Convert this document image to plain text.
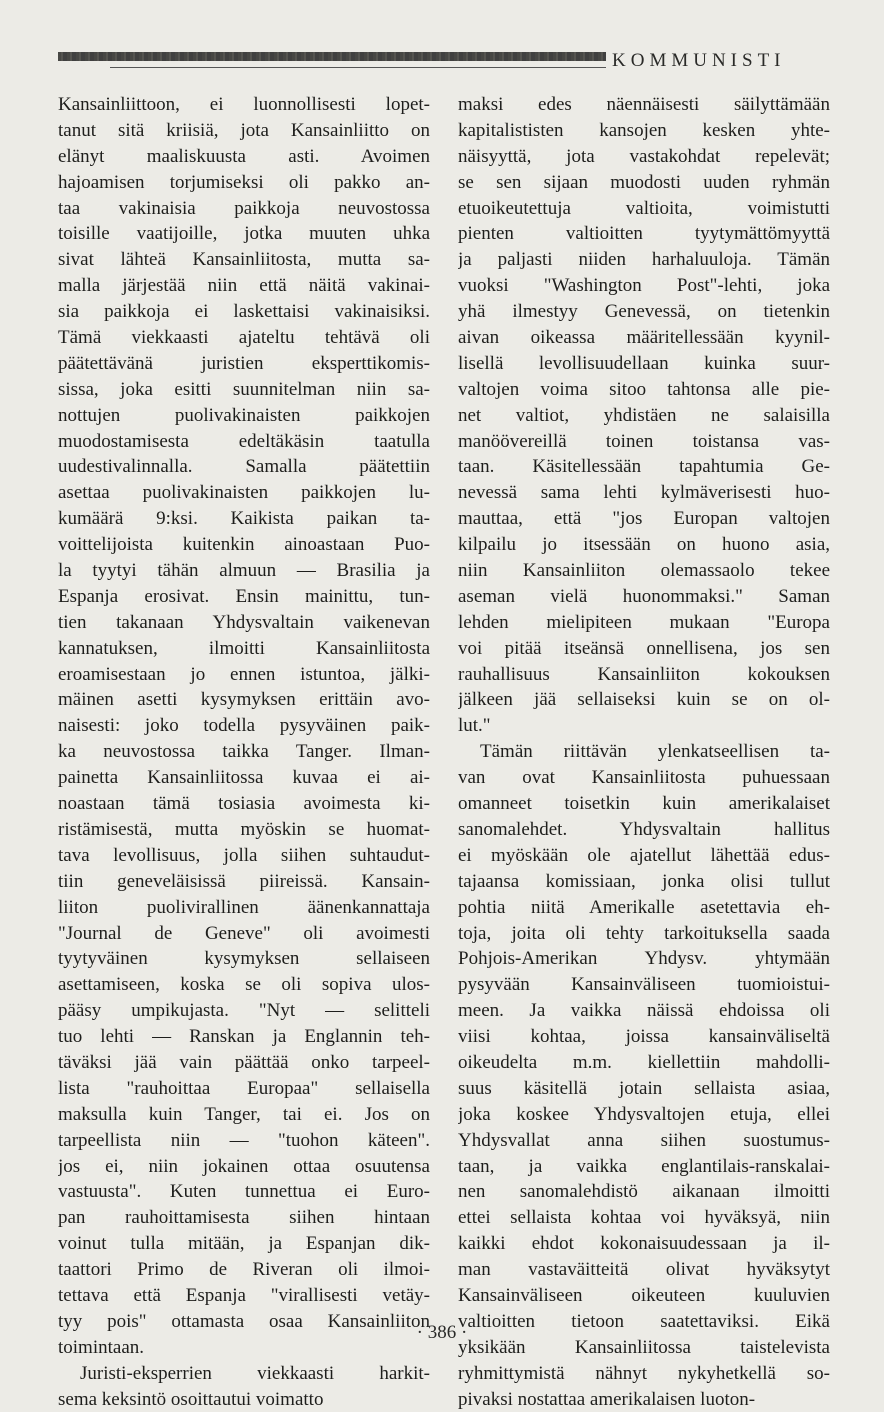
KOMMUNISTI
Kansainliittoon, ei luonnollisesti lopet-
tanut sitä kriisiä, jota Kansainliitto on
elänyt maaliskuusta asti. Avoimen
hajoamisen torjumiseksi oli pakko an-
taa vakinaisia paikkoja neuvostossa
toisille vaatijoille, jotka muuten uhka
sivat lähteä Kansainliitosta, mutta sa-
malla järjestää niin että näitä vakinai-
sia paikkoja ei laskettaisi vakinaisiksi.
Tämä viekkaasti ajateltu tehtävä oli
päätettävänä juristien eksperttikomis-
sissa, joka esitti suunnitelman niin sa-
nottujen puolivakinaisten paikkojen
muodostamisesta edeltäkäsin taatulla
uudestivalinnalla. Samalla päätettiin
asettaa puolivakinaisten paikkojen lu-
kumäärä 9:ksi. Kaikista paikan ta-
voittelijoista kuitenkin ainoastaan Puo-
la tyytyi tähän almuun — Brasilia ja
Espanja erosivat. Ensin mainittu, tun-
tien takanaan Yhdysvaltain vaikenevan
kannatuksen, ilmoitti Kansainliitosta
eroamisestaan jo ennen istuntoa, jälki-
mäinen asetti kysymyksen erittäin avo-
naisesti: joko todella pysyväinen paik-
ka neuvostossa taikka Tanger. Ilman-
painetta Kansainliitossa kuvaa ei ai-
noastaan tämä tosiasia avoimesta ki-
ristämisestä, mutta myöskin se huomat-
tava levollisuus, jolla siihen suhtaudut-
tiin geneveläisissä piireissä. Kansain-
liiton puolivirallinen äänenkannattaja
"Journal de Geneve" oli avoimesti
tyytyväinen kysymyksen sellaiseen
asettamiseen, koska se oli sopiva ulos-
pääsy umpikujasta. "Nyt — selitteli
tuo lehti — Ranskan ja Englannin teh-
täväksi jää vain päättää onko tarpeel-
lista "rauhoittaa Europaa" sellaisella
maksulla kuin Tanger, tai ei. Jos on
tarpeellista niin — "tuohon käteen".
jos ei, niin jokainen ottaa osuutensa
vastuusta". Kuten tunnettua ei Euro-
pan rauhoittamisesta siihen hintaan
voinut tulla mitään, ja Espanjan dik-
taattori Primo de Riveran oli ilmoi-
tettava että Espanja "virallisesti vetäy-
tyy pois" ottamasta osaa Kansainliiton
toimintaan.
Juristi-eksperrien viekkaasti harkit-
sema keksintö osoittautui voimatto
maksi edes näennäisesti säilyttämään
kapitalististen kansojen kesken yhte-
näisyyttä, jota vastakohdat repelevät;
se sen sijaan muodosti uuden ryhmän
etuoikeutettuja valtioita, voimistutti
pienten valtioitten tyytymättömyyttä
ja paljasti niiden harhaluuloja. Tämän
vuoksi "Washington Post"-lehti, joka
yhä ilmestyy Genevessä, on tietenkin
aivan oikeassa määritellessään kyynil-
lisellä levollisuudellaan kuinka suur-
valtojen voima sitoo tahtonsa alle pie-
net valtiot, yhdistäen ne salaisilla
manöövereillä toinen toistansa vas-
taan. Käsitellessään tapahtumia Ge-
nevessä sama lehti kylmäverisesti huo-
mauttaa, että "jos Europan valtojen
kilpailu jo itsessään on huono asia,
niin Kansainliiton olemassaolo tekee
aseman vielä huonommaksi." Saman
lehden mielipiteen mukaan "Europa
voi pitää itseänsä onnellisena, jos sen
rauhallisuus Kansainliiton kokouksen
jälkeen jää sellaiseksi kuin se on ol-
lut."
Tämän riittävän ylenkatseellisen ta-
van ovat Kansainliitosta puhuessaan
omanneet toisetkin kuin amerikalaiset
sanomalehdet. Yhdysvaltain hallitus
ei myöskään ole ajatellut lähettää edus-
tajaansa komissiaan, jonka olisi tullut
pohtia niitä Amerikalle asetettavia eh-
toja, joita oli tehty tarkoituksella saada
Pohjois-Amerikan Yhdysv. yhtymään
pysyvään Kansainväliseen tuomioistui-
meen. Ja vaikka näissä ehdoissa oli
viisi kohtaa, joissa kansainväliseltä
oikeudelta m.m. kiellettiin mahdolli-
suus käsitellä jotain sellaista asiaa,
joka koskee Yhdysvaltojen etuja, ellei
Yhdysvallat anna siihen suostumus-
taan, ja vaikka englantilais-ranskalai-
nen sanomalehdistö aikanaan ilmoitti
ettei sellaista kohtaa voi hyväksyä, niin
kaikki ehdot kokonaisuudessaan ja il-
man vastaväitteitä olivat hyväksytyt
Kansainväliseen oikeuteen kuuluvien
valtioitten tietoon saatettaviksi. Eikä
yksikään Kansainliitossa taistelevista
ryhmittymistä nähnyt nykyhetkellä so-
pivaksi nostattaa amerikalaisen luoton-
· 386 ·
